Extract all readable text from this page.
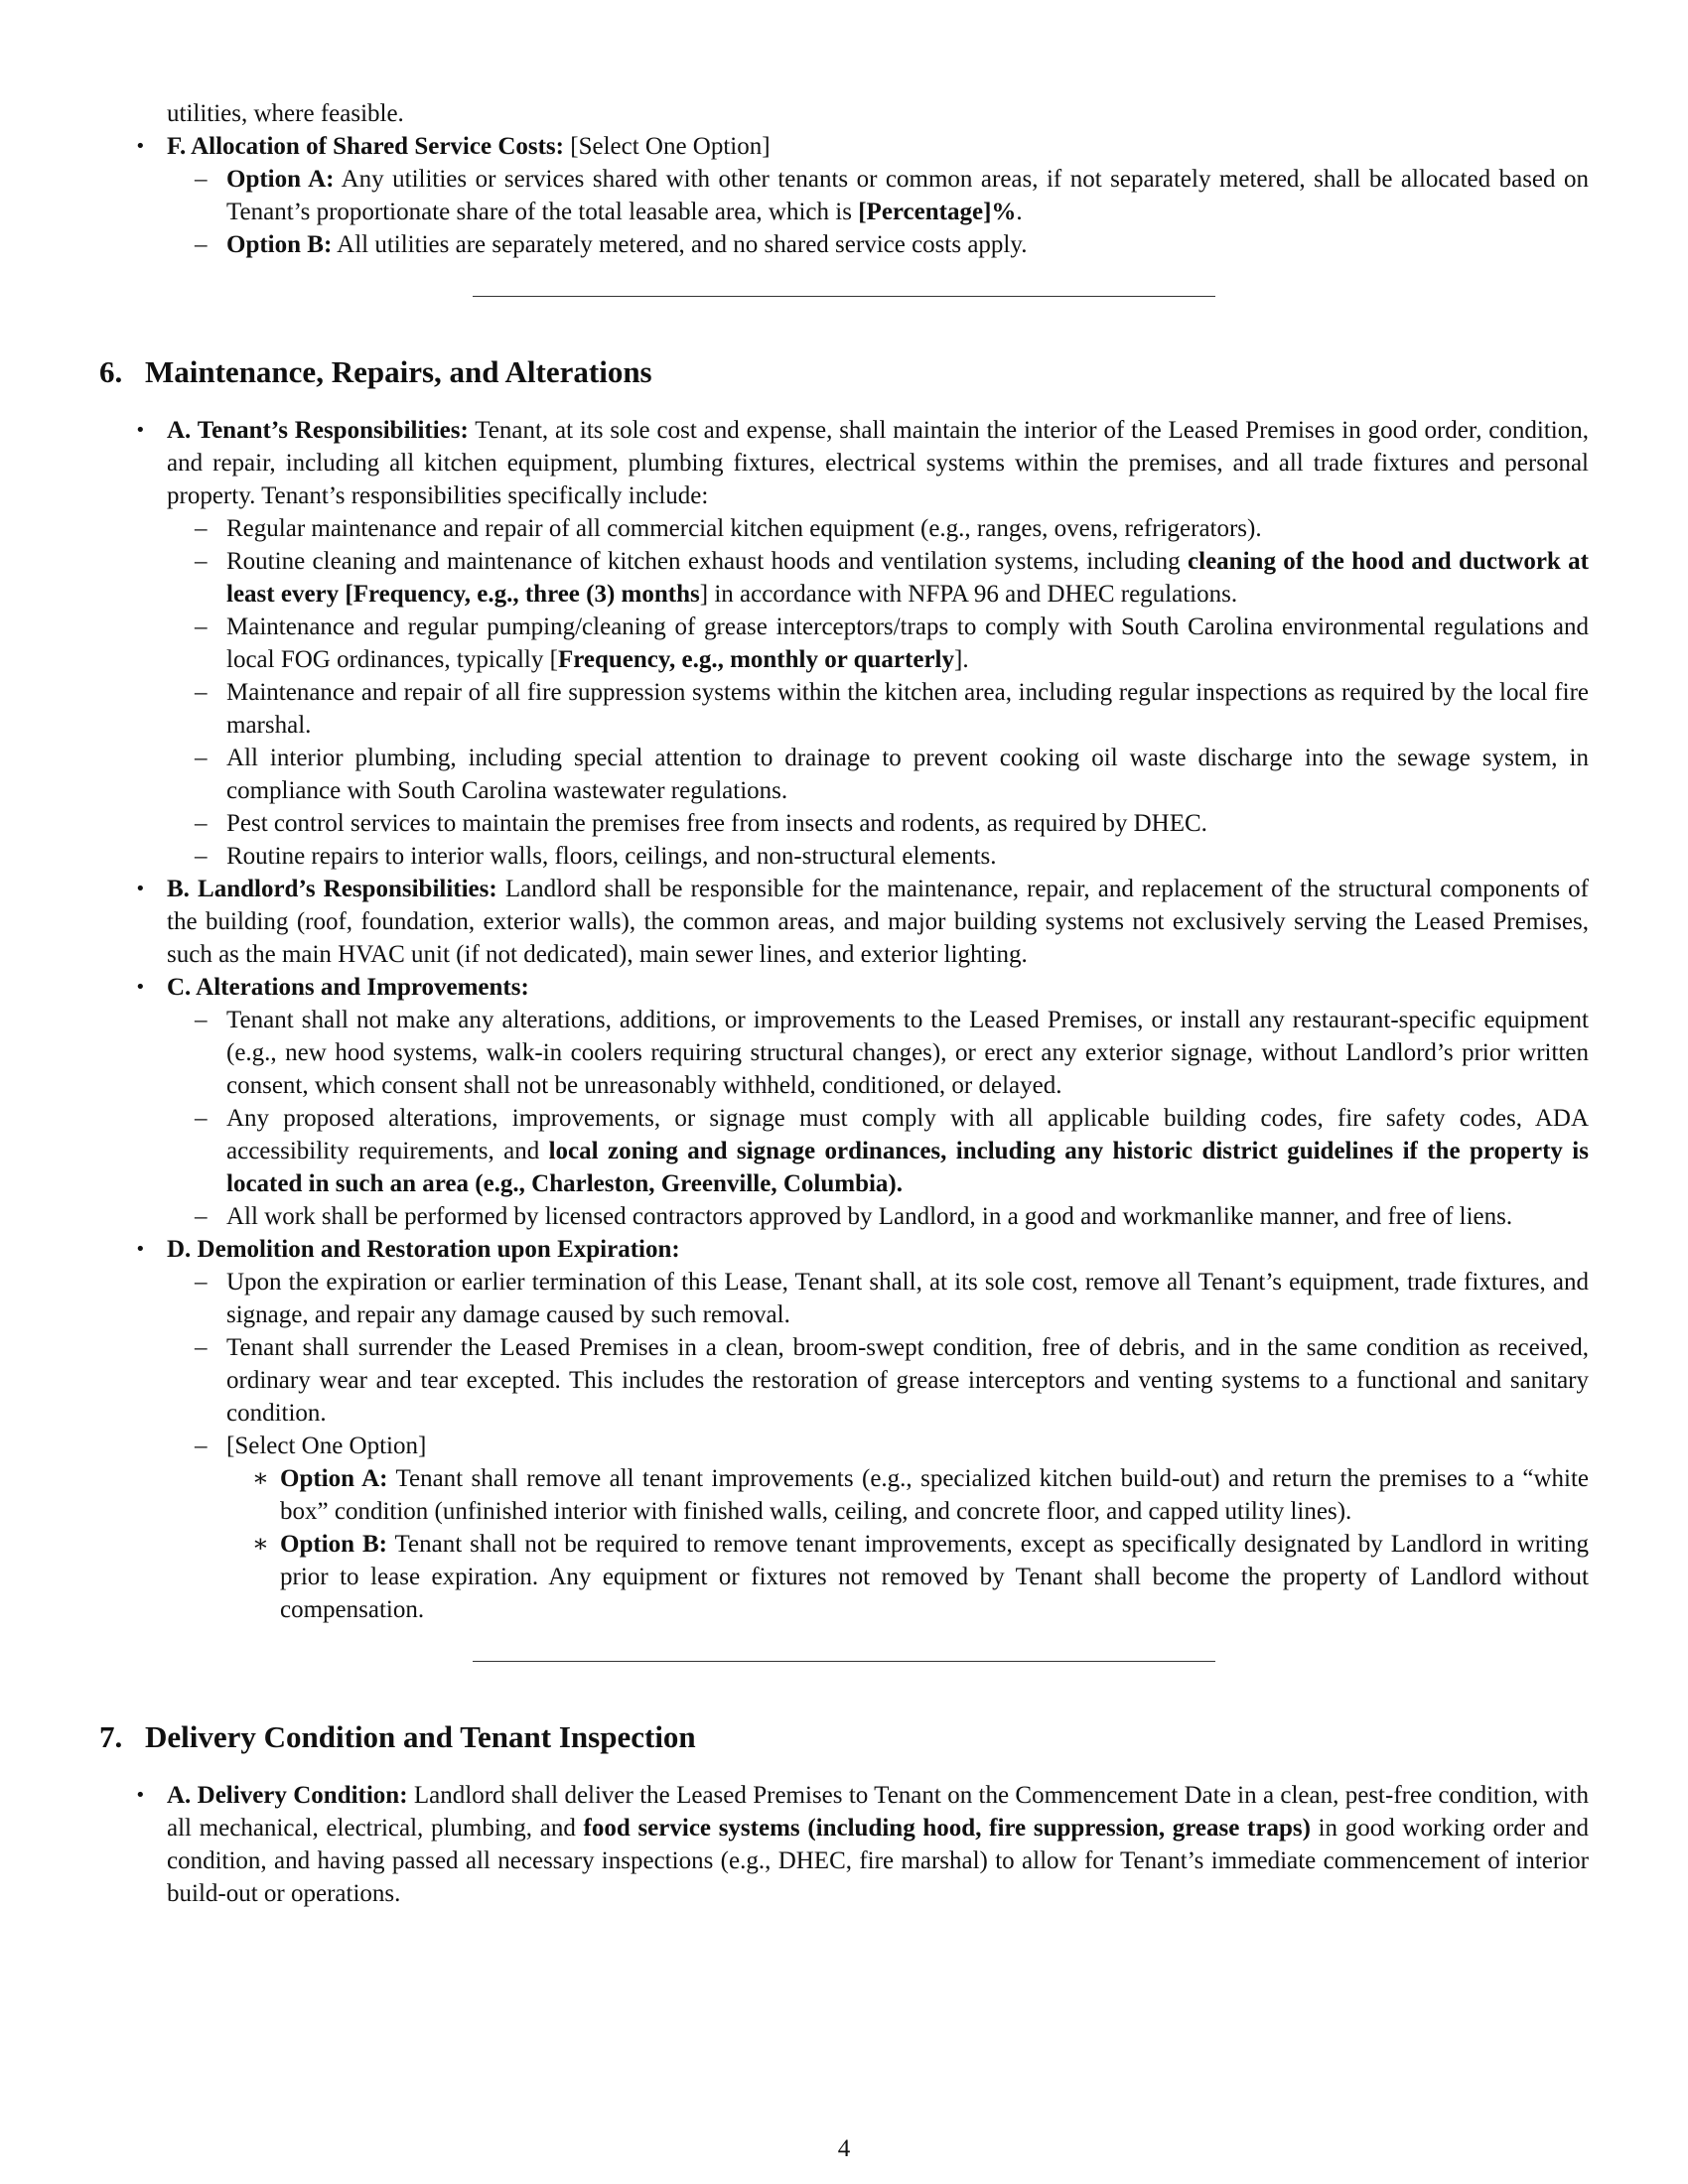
utilities, where feasible.
• F. Allocation of Shared Service Costs: [Select One Option]
– Option A: Any utilities or services shared with other tenants or common areas, if not separately metered, shall be allocated based on Tenant’s proportionate share of the total leasable area, which is [Percentage]%.
– Option B: All utilities are separately metered, and no shared service costs apply.
6. Maintenance, Repairs, and Alterations
• A. Tenant’s Responsibilities: Tenant, at its sole cost and expense, shall maintain the interior of the Leased Premises in good order, condition, and repair, including all kitchen equipment, plumbing fixtures, electrical systems within the premises, and all trade fixtures and personal property. Tenant’s responsibilities specifically include:
– Regular maintenance and repair of all commercial kitchen equipment (e.g., ranges, ovens, refrigerators).
– Routine cleaning and maintenance of kitchen exhaust hoods and ventilation systems, including cleaning of the hood and ductwork at least every [Frequency, e.g., three (3) months] in accordance with NFPA 96 and DHEC regulations.
– Maintenance and regular pumping/cleaning of grease interceptors/traps to comply with South Carolina environmental regulations and local FOG ordinances, typically [Frequency, e.g., monthly or quarterly].
– Maintenance and repair of all fire suppression systems within the kitchen area, including regular inspections as required by the local fire marshal.
– All interior plumbing, including special attention to drainage to prevent cooking oil waste discharge into the sewage system, in compliance with South Carolina wastewater regulations.
– Pest control services to maintain the premises free from insects and rodents, as required by DHEC.
– Routine repairs to interior walls, floors, ceilings, and non-structural elements.
• B. Landlord’s Responsibilities: Landlord shall be responsible for the maintenance, repair, and replacement of the structural components of the building (roof, foundation, exterior walls), the common areas, and major building systems not exclusively serving the Leased Premises, such as the main HVAC unit (if not dedicated), main sewer lines, and exterior lighting.
• C. Alterations and Improvements:
– Tenant shall not make any alterations, additions, or improvements to the Leased Premises, or install any restaurant-specific equipment (e.g., new hood systems, walk-in coolers requiring structural changes), or erect any exterior signage, without Landlord’s prior written consent, which consent shall not be unreasonably withheld, conditioned, or delayed.
– Any proposed alterations, improvements, or signage must comply with all applicable building codes, fire safety codes, ADA accessibility requirements, and local zoning and signage ordinances, including any historic district guidelines if the property is located in such an area (e.g., Charleston, Greenville, Columbia).
– All work shall be performed by licensed contractors approved by Landlord, in a good and workmanlike manner, and free of liens.
• D. Demolition and Restoration upon Expiration:
– Upon the expiration or earlier termination of this Lease, Tenant shall, at its sole cost, remove all Tenant’s equipment, trade fixtures, and signage, and repair any damage caused by such removal.
– Tenant shall surrender the Leased Premises in a clean, broom-swept condition, free of debris, and in the same condition as received, ordinary wear and tear excepted. This includes the restoration of grease interceptors and venting systems to a functional and sanitary condition.
– [Select One Option]
∗ Option A: Tenant shall remove all tenant improvements (e.g., specialized kitchen build-out) and return the premises to a “white box” condition (unfinished interior with finished walls, ceiling, and concrete floor, and capped utility lines).
∗ Option B: Tenant shall not be required to remove tenant improvements, except as specifically designated by Landlord in writing prior to lease expiration. Any equipment or fixtures not removed by Tenant shall become the property of Landlord without compensation.
7. Delivery Condition and Tenant Inspection
• A. Delivery Condition: Landlord shall deliver the Leased Premises to Tenant on the Commencement Date in a clean, pest-free condition, with all mechanical, electrical, plumbing, and food service systems (including hood, fire suppression, grease traps) in good working order and condition, and having passed all necessary inspections (e.g., DHEC, fire marshal) to allow for Tenant’s immediate commencement of interior build-out or operations.
4
